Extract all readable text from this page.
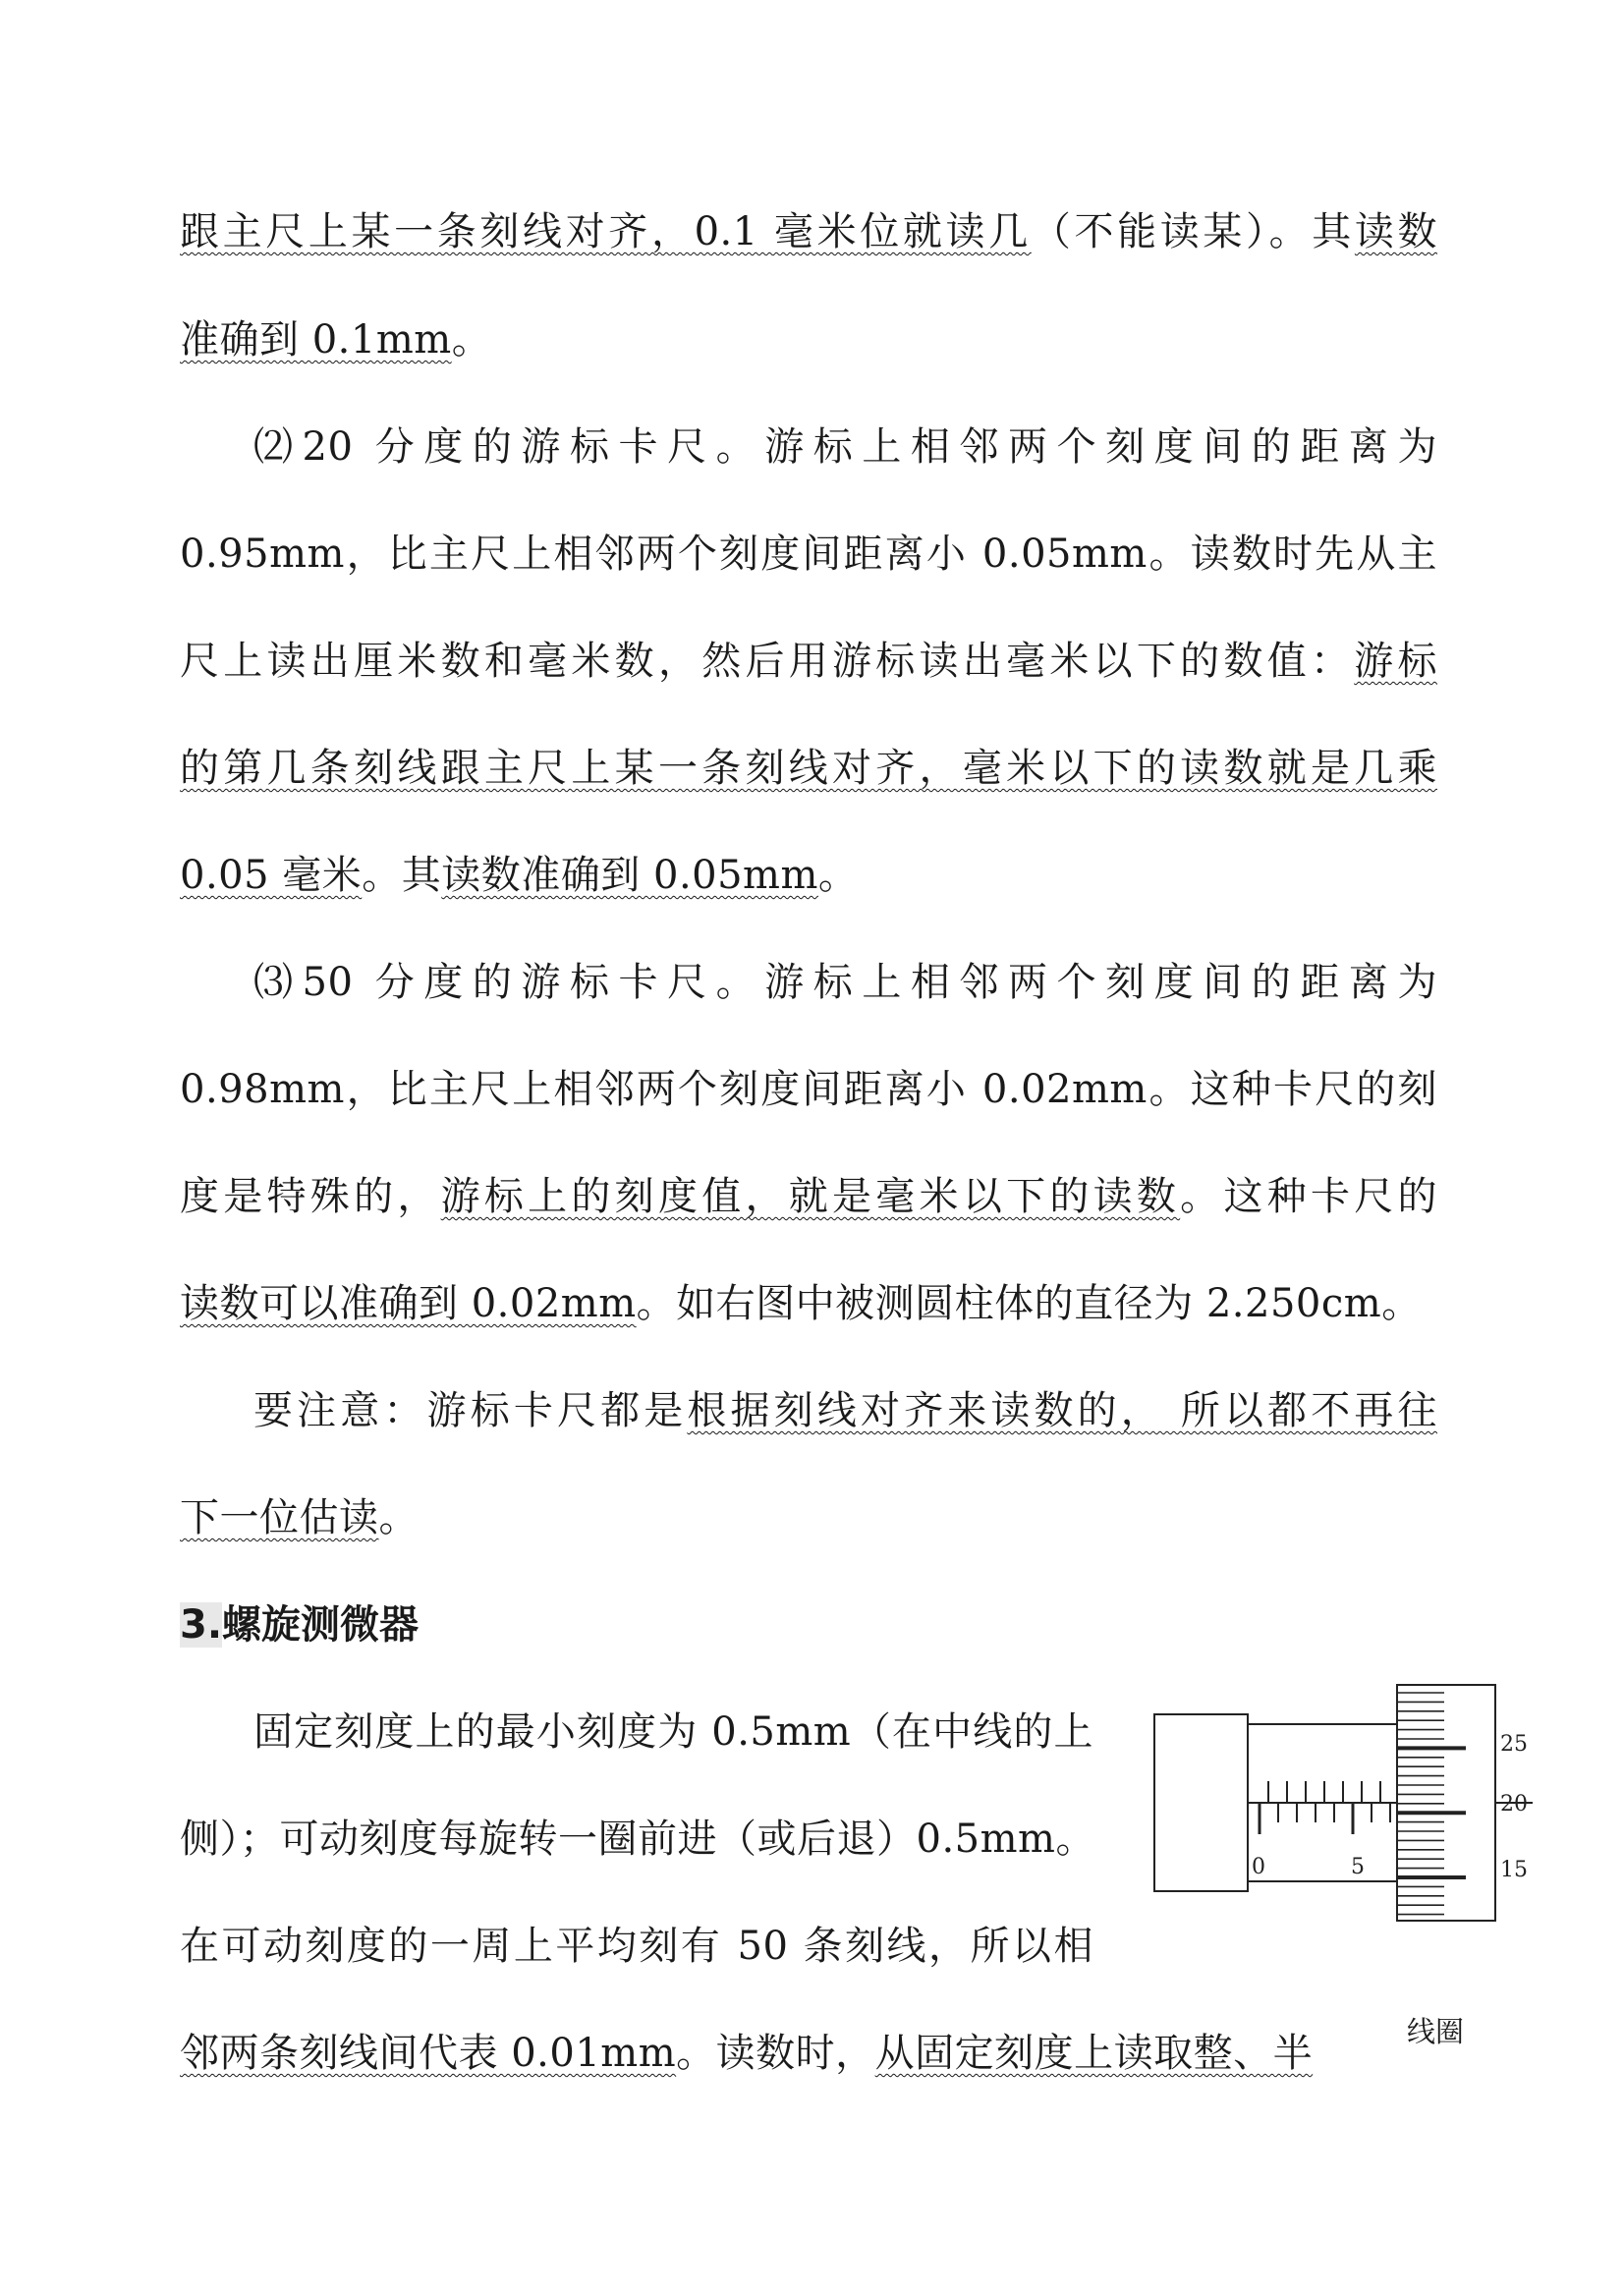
跟主尺上某一条刻线对齐，0.1 毫米位就读几（不能读某）。其读数
准确到 0.1mm。
⑵20 分度的游标卡尺。游标上相邻两个刻度间的距离为
0.95mm，比主尺上相邻两个刻度间距离小 0.05mm。读数时先从主
尺上读出厘米数和毫米数，然后用游标读出毫米以下的数值：游标
的第几条刻线跟主尺上某一条刻线对齐，毫米以下的读数就是几乘
0.05 毫米。其读数准确到 0.05mm。
⑶50 分度的游标卡尺。游标上相邻两个刻度间的距离为
0.98mm，比主尺上相邻两个刻度间距离小 0.02mm。这种卡尺的刻
度是特殊的，游标上的刻度值，就是毫米以下的读数。这种卡尺的
读数可以准确到 0.02mm。如右图中被测圆柱体的直径为 2.250cm。
要注意：游标卡尺都是根据刻线对齐来读数的， 所以都不再往
下一位估读。
3.螺旋测微器
固定刻度上的最小刻度为 0.5mm（在中线的上
侧）；可动刻度每旋转一圈前进（或后退）0.5mm。
在可动刻度的一周上平均刻有 50 条刻线，所以相
邻两条刻线间代表 0.01mm。读数时，从固定刻度上读取整、半	线圈
0	5
25
20
15
